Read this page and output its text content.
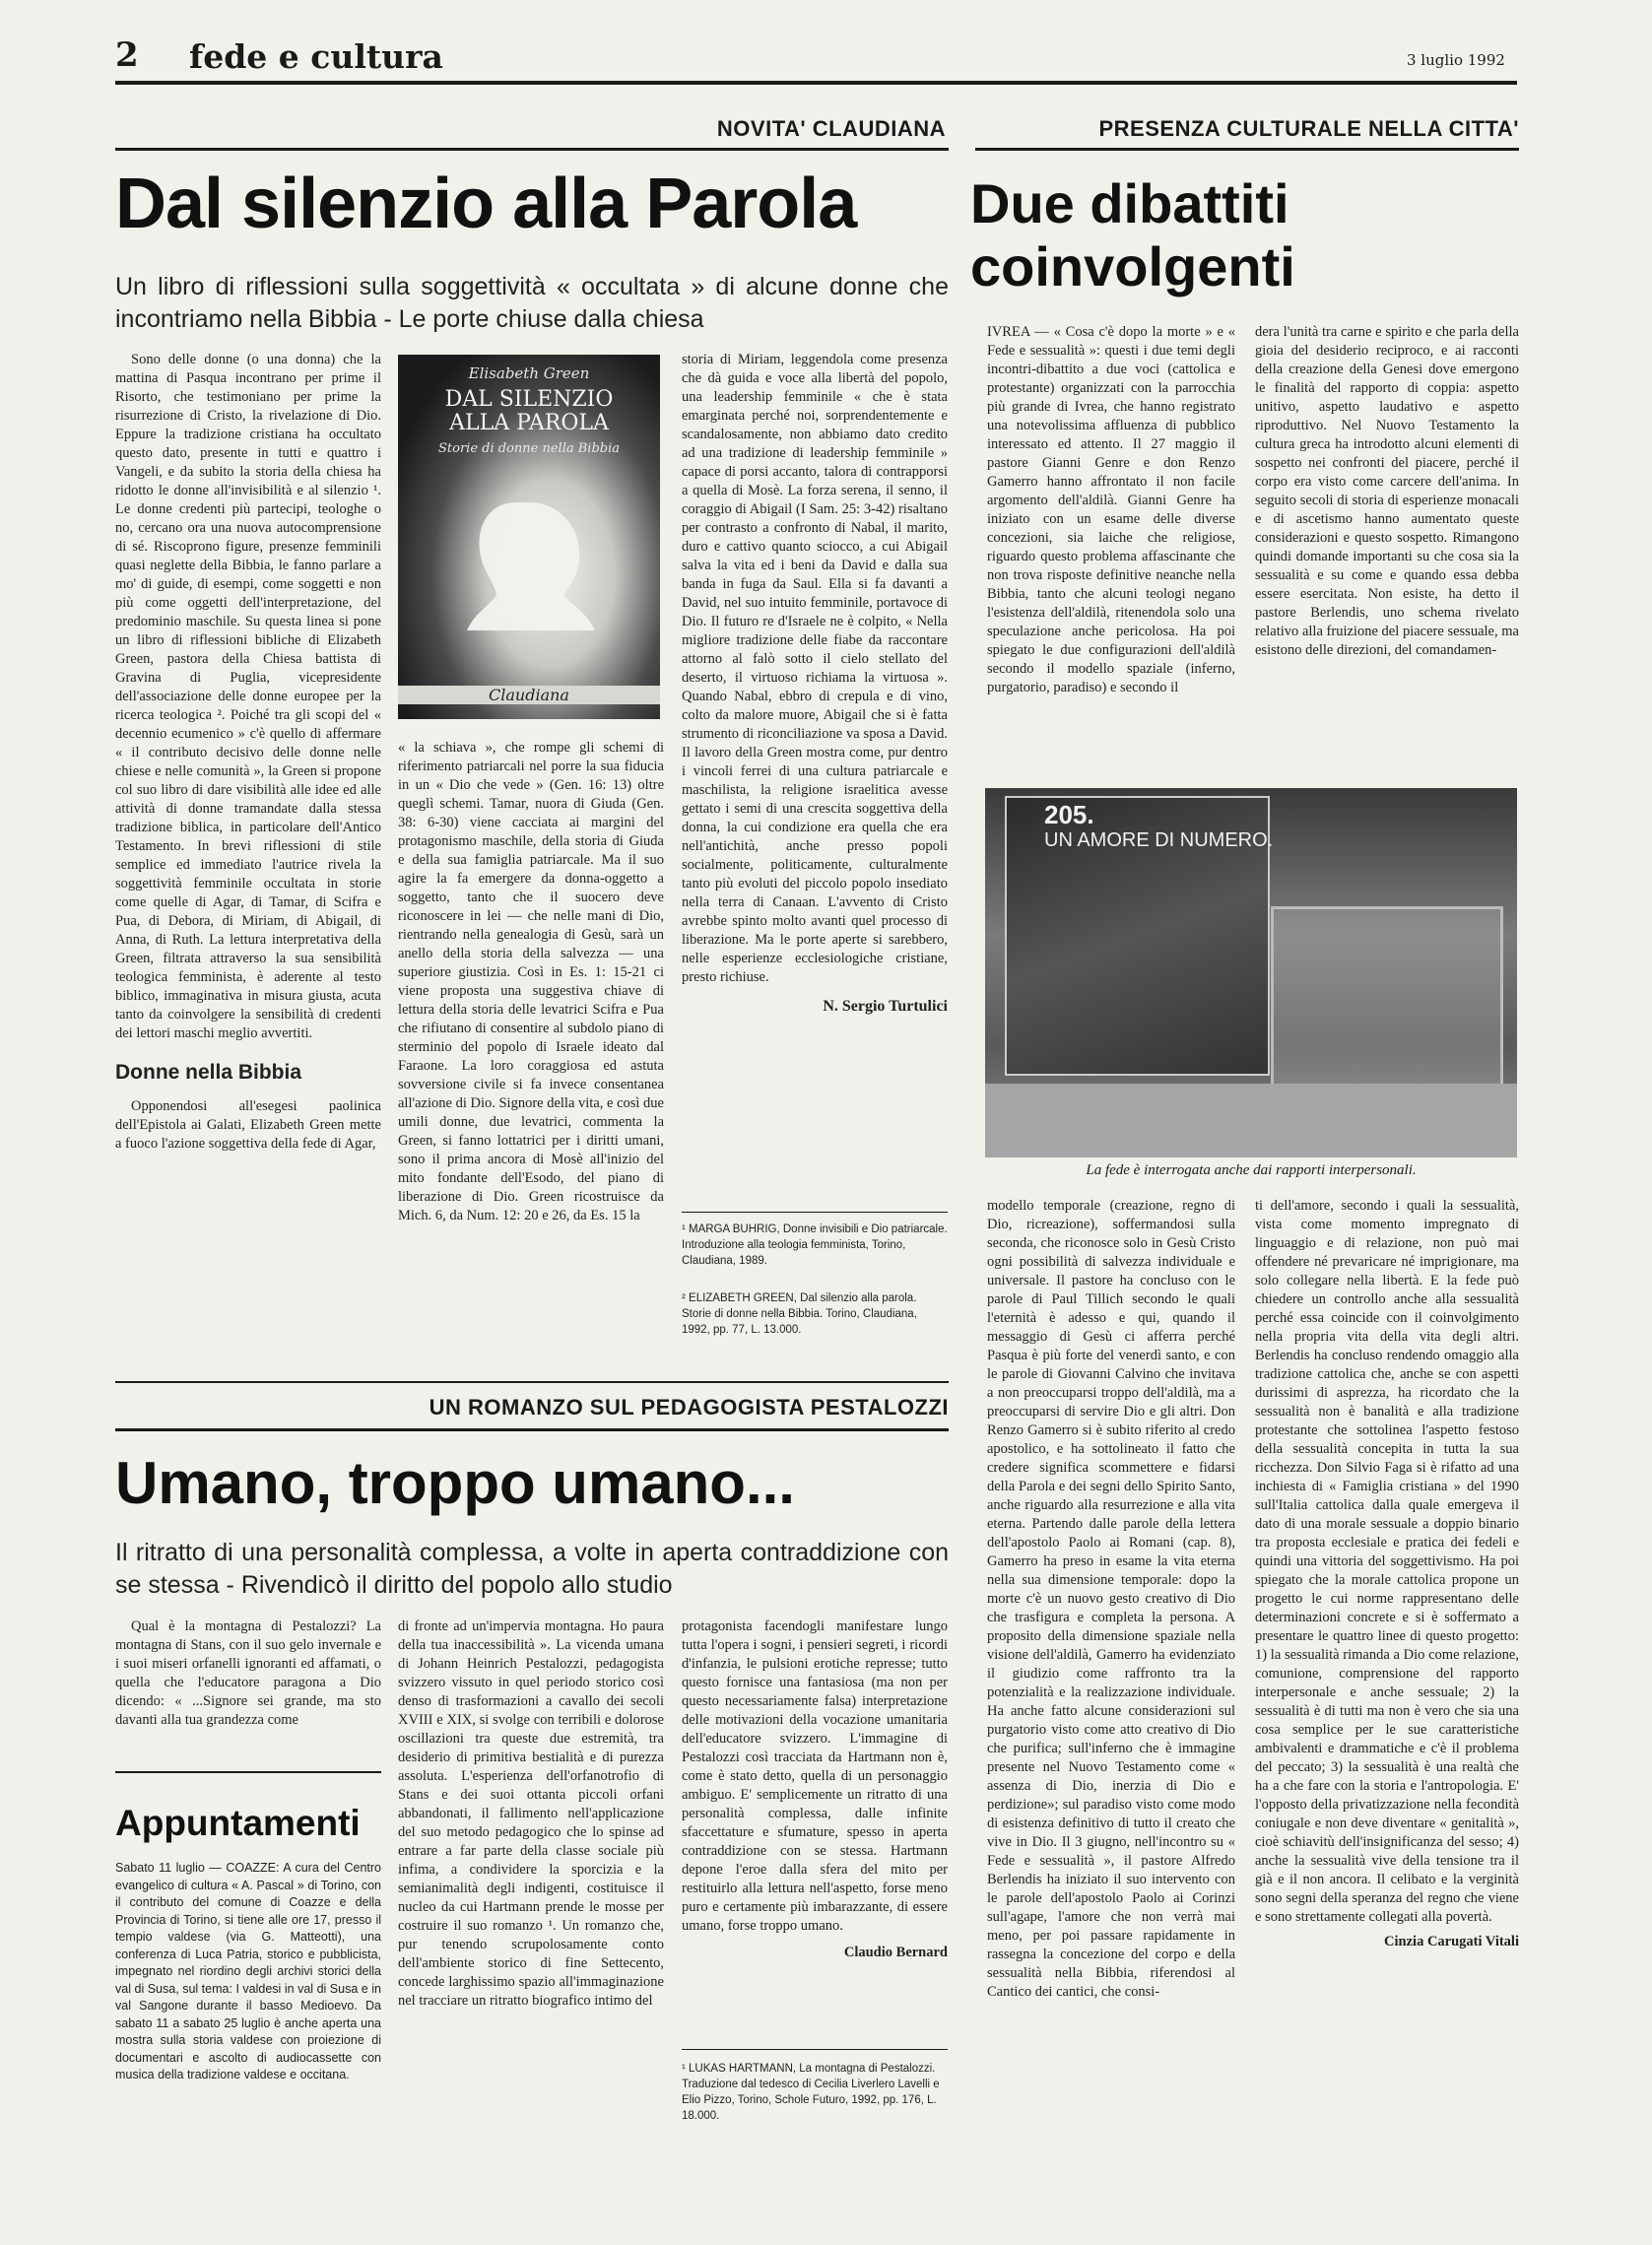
2 fede e cultura	3 luglio 1992
NOVITA' CLAUDIANA
Dal silenzio alla Parola
Un libro di riflessioni sulla soggettività « occultata » di alcune donne che incontriamo nella Bibbia - Le porte chiuse dalla chiesa

Sono delle donne (o una donna) che la mattina di Pasqua incontrano per prime il Risorto, che testimoniano per prime la risurrezione di Cristo, la rivelazione di Dio. Eppure la tradizione cristiana ha occultato questo dato, presente in tutti e quattro i Vangeli, e da subito la storia della chiesa ha ridotto le donne all'invisibilità e al silenzio ¹. Le donne credenti più partecipi, teologhe o no, cercano ora una nuova autocomprensione di sé. Riscoprono figure, presenze femminili quasi neglette della Bibbia, le fanno parlare a mo' di guide, di esempi, come soggetti e non più come oggetti dell'interpretazione, del predominio maschile. Su questa linea si pone un libro di riflessioni bibliche di Elizabeth Green, pastora della Chiesa battista di Gravina di Puglia, vicepresidente dell'associazione delle donne europee per la ricerca teologica ². Poiché tra gli scopi del « decennio ecumenico » c'è quello di affermare « il contributo decisivo delle donne nelle chiese e nelle comunità », la Green si propone col suo libro di dare visibilità alle idee ed alle attività di donne tramandate dalla stessa tradizione biblica, in particolare dell'Antico Testamento. In brevi riflessioni di stile semplice ed immediato l'autrice rivela la soggettività femminile occultata in storie come quelle di Agar, di Tamar, di Scifra e Pua, di Debora, di Miriam, di Abigail, di Anna, di Ruth. La lettura interpretativa della Green, filtrata attraverso la sua sensibilità teologica femminista, è aderente al testo biblico, immaginativa in misura giusta, acuta tanto da coinvolgere la sensibilità di credenti dei lettori maschi meglio avvertiti.

Donne nella Bibbia

Opponendosi all'esegesi paolinica dell'Epistola ai Galati, Elizabeth Green mette a fuoco l'azione soggettiva della fede di Agar,

Elisabeth Green
DAL SILENZIO ALLA PAROLA
Storie di donne nella Bibbia
Claudiana

« la schiava », che rompe gli schemi di riferimento patriarcali nel porre la sua fiducia in un « Dio che vede » (Gen. 16: 13) oltre queglì schemi. Tamar, nuora di Giuda (Gen. 38: 6-30) viene cacciata ai margini del protagonismo maschile, della storia di Giuda e della sua famiglia patriarcale. Ma il suo agire la fa emergere da donna-oggetto a soggetto, tanto che il suocero deve riconoscere in lei — che nelle mani di Dio, rientrando nella genealogia di Gesù, sarà un anello della storia della salvezza — una superiore giustizia. Così in Es. 1: 15-21 ci viene proposta una suggestiva chiave di lettura della storia delle levatrici Scifra e Pua che rifiutano di consentire al subdolo piano di sterminio del popolo di Israele ideato dal Faraone. La loro coraggiosa ed astuta sovversione civile si fa invece consentanea all'azione di Dio. Signore della vita, e così due umili donne, due levatrici, commenta la Green, si fanno lottatrici per i diritti umani, sono il prima ancora di Mosè all'inizio del mito fondante dell'Esodo, del piano di liberazione di Dio. Green ricostruisce da Mich. 6, da Num. 12: 20 e 26, da Es. 15 la

storia di Miriam, leggendola come presenza che dà guida e voce alla libertà del popolo, una leadership femminile « che è stata emarginata perché noi, sorprendentemente e scandalosamente, non abbiamo dato credito ad una tradizione di leadership femminile » capace di porsi accanto, talora di contrapporsi a quella di Mosè. La forza serena, il senno, il coraggio di Abigail (I Sam. 25: 3-42) risaltano per contrasto a confronto di Nabal, il marito, duro e cattivo quanto sciocco, a cui Abigail salva la vita ed i beni da David e dalla sua banda in fuga da Saul. Ella si fa davanti a David, nel suo intuito femminile, portavoce di Dio. Il futuro re d'Israele ne è colpito, « Nella migliore tradizione delle fiabe da raccontare attorno al falò sotto il cielo stellato del deserto, il virtuoso richiama la virtuosa ». Quando Nabal, ebbro di crepula e di vino, colto da malore muore, Abigail che si è fatta strumento di riconciliazione va sposa a David. Il lavoro della Green mostra come, pur dentro i vincoli ferrei di una cultura patriarcale e maschilista, la religione israelitica avesse gettato i semi di una crescita soggettiva della donna, la cui condizione era quella che era nell'antichità, anche presso popoli socialmente, politicamente, culturalmente tanto più evoluti del piccolo popolo insediato nella terra di Canaan. L'avvento di Cristo avrebbe spinto molto avanti quel processo di liberazione. Ma le porte aperte si sarebbero, nelle esperienze ecclesiologiche cristiane, presto richiuse.

N. Sergio Turtulici

¹ MARGA BUHRIG, Donne invisibili e Dio patriarcale. Introduzione alla teologia femminista, Torino, Claudiana, 1989.
² ELIZABETH GREEN, Dal silenzio alla parola. Storie di donne nella Bibbia. Torino, Claudiana, 1992, pp. 77, L. 13.000.
PRESENZA CULTURALE NELLA CITTA'
Due dibattiti
coinvolgenti

IVREA — « Cosa c'è dopo la morte » e « Fede e sessualità »: questi i due temi degli incontri-dibattito a due voci (cattolica e protestante) organizzati con la parrocchia più grande di Ivrea, che hanno registrato una notevolissima affluenza di pubblico interessato ed attento. Il 27 maggio il pastore Gianni Genre e don Renzo Gamerro hanno affrontato il non facile argomento dell'aldilà. Gianni Genre ha iniziato con un esame delle diverse concezioni, sia laiche che religiose, riguardo questo problema affascinante che non trova risposte definitive neanche nella Bibbia, tanto che alcuni teologi negano l'esistenza dell'aldilà, ritenendola solo una speculazione anche pericolosa. Ha poi spiegato le due configurazioni dell'aldilà secondo il modello spaziale (inferno, purgatorio, paradiso) e secondo il

dera l'unità tra carne e spirito e che parla della gioia del desiderio reciproco, e ai racconti della creazione della Genesi dove emergono le finalità del rapporto di coppia: aspetto unitivo, aspetto laudativo e aspetto riproduttivo. Nel Nuovo Testamento la cultura greca ha introdotto alcuni elementi di sospetto nei confronti del piacere, perché il corpo era visto come carcere dell'anima. In seguito secoli di storia di esperienze monacali e di ascetismo hanno aumentato queste considerazioni e questo sospetto. Rimangono quindi domande importanti su che cosa sia la sessualità e su come e quando essa debba essere esercitata. Non esiste, ha detto il pastore Berlendis, uno schema rivelato relativo alla fruizione del piacere sessuale, ma esistono delle direzioni, del comandamen-

205.
UN AMORE DI NUMERO.
La fede è interrogata anche dai rapporti interpersonali.

modello temporale (creazione, regno di Dio, ricreazione), soffermandosi sulla seconda, che riconosce solo in Gesù Cristo ogni possibilità di salvezza individuale e universale. Il pastore ha concluso con le parole di Paul Tillich secondo le quali l'eternità è adesso e qui, quando il messaggio di Gesù ci afferra perché Pasqua è più forte del venerdì santo, e con le parole di Giovanni Calvino che invitava a non preoccuparsi troppo dell'aldilà, ma a preoccuparsi di servire Dio e gli altri. Don Renzo Gamerro si è subito riferito al credo apostolico, e ha sottolineato il fatto che credere significa scommettere e fidarsi della Parola e dei segni dello Spirito Santo, anche riguardo alla resurrezione e alla vita eterna. Partendo dalle parole della lettera dell'apostolo Paolo ai Romani (cap. 8), Gamerro ha preso in esame la vita eterna nella sua dimensione temporale: dopo la morte c'è un nuovo gesto creativo di Dio che trasfigura e completa la persona. A proposito della dimensione spaziale nella visione dell'aldilà, Gamerro ha evidenziato il giudizio come raffronto tra la potenzialità e la realizzazione individuale. Ha anche fatto alcune considerazioni sul purgatorio visto come atto creativo di Dio che purifica; sull'inferno che è immagine presente nel Nuovo Testamento come « assenza di Dio, inerzia di Dio e perdizione»; sul paradiso visto come modo di esistenza definitivo di tutto il creato che vive in Dio. Il 3 giugno, nell'incontro su « Fede e sessualità », il pastore Alfredo Berlendis ha iniziato il suo intervento con le parole dell'apostolo Paolo ai Corinzi sull'agape, l'amore che non verrà mai meno, per poi passare rapidamente in rassegna la concezione del corpo e della sessualità nella Bibbia, riferendosi al Cantico dei cantici, che consi-

ti dell'amore, secondo i quali la sessualità, vista come momento impregnato di linguaggio e di relazione, non può mai offendere né prevaricare né imprigionare, ma solo collegare nella libertà. E la fede può chiedere un controllo anche alla sessualità perché essa coincide con il coinvolgimento nella propria vita della vita degli altri. Berlendis ha concluso rendendo omaggio alla tradizione cattolica che, anche se con aspetti durissimi di asprezza, ha ricordato che la sessualità non è banalità e alla tradizione protestante che sottolinea l'aspetto festoso della sessualità concepita in tutta la sua ricchezza. Don Silvio Faga si è rifatto ad una inchiesta di « Famiglia cristiana » del 1990 sull'Italia cattolica dalla quale emergeva il dato di una morale sessuale a doppio binario tra proposta ecclesiale e pratica dei fedeli e quindi una vittoria del soggettivismo. Ha poi spiegato che la morale cattolica propone un progetto le cui norme rappresentano delle determinazioni concrete e si è soffermato a presentare le quattro linee di questo progetto: 1) la sessualità rimanda a Dio come relazione, comunione, comprensione del rapporto interpersonale e anche sessuale; 2) la sessualità è di tutti ma non è vero che sia una cosa semplice per le sue caratteristiche ambivalenti e drammatiche e c'è il problema del peccato; 3) la sessualità è una realtà che ha a che fare con la storia e l'antropologia. E' l'opposto della privatizzazione nella fecondità coniugale e non deve diventare « genitalità », cioè schiavitù dell'insignificanza del sesso; 4) anche la sessualità vive della tensione tra il già e il non ancora. Il celibato e la verginità sono segni della speranza del regno che viene e sono strettamente collegati alla povertà.

Cinzia Carugati Vitali

UN ROMANZO SUL PEDAGOGISTA PESTALOZZI
Umano, troppo umano...
Il ritratto di una personalità complessa, a volte in aperta contraddizione con se stessa - Rivendicò il diritto del popolo allo studio

Qual è la montagna di Pestalozzi? La montagna di Stans, con il suo gelo invernale e i suoi miseri orfanelli ignoranti ed affamati, o quella che l'educatore paragona a Dio dicendo: « ...Signore sei grande, ma sto davanti alla tua grandezza come

Appuntamenti
Sabato 11 luglio — COAZZE: A cura del Centro evangelico di cultura « A. Pascal » di Torino, con il contributo del comune di Coazze e della Provincia di Torino, si tiene alle ore 17, presso il tempio valdese (via G. Matteotti), una conferenza di Luca Patria, storico e pubblicista, impegnato nel riordino degli archivi storici della val di Susa, sul tema: I valdesi in val di Susa e in val Sangone durante il basso Medioevo. Da sabato 11 a sabato 25 luglio è anche aperta una mostra sulla storia valdese con proiezione di documentari e ascolto di audiocassette con musica della tradizione valdese e occitana.

di fronte ad un'impervia montagna. Ho paura della tua inaccessibilità ». La vicenda umana di Johann Heinrich Pestalozzi, pedagogista svizzero vissuto in quel periodo storico così denso di trasformazioni a cavallo dei secoli XVIII e XIX, si svolge con terribili e dolorose oscillazioni tra queste due estremità, tra desiderio di primitiva bestialità e di purezza assoluta. L'esperienza dell'orfanotrofio di Stans e dei suoi ottanta piccoli orfani abbandonati, il fallimento nell'applicazione del suo metodo pedagogico che lo spinse ad entrare a far parte della classe sociale più infima, a condividere la sporcizia e la semianimalità degli indigenti, costituisce il nucleo da cui Hartmann prende le mosse per costruire il suo romanzo ¹. Un romanzo che, pur tenendo scrupolosamente conto dell'ambiente storico di fine Settecento, concede larghissimo spazio all'immaginazione nel tracciare un ritratto biografico intimo del

protagonista facendogli manifestare lungo tutta l'opera i sogni, i pensieri segreti, i ricordi d'infanzia, le pulsioni erotiche represse; tutto questo fornisce una fantasiosa (ma non per questo necessariamente falsa) interpretazione delle motivazioni della vocazione umanitaria dell'educatore svizzero. L'immagine di Pestalozzi così tracciata da Hartmann non è, come è stato detto, quella di un personaggio ambiguo. E' semplicemente un ritratto di una personalità complessa, dalle infinite sfaccettature e sfumature, spesso in aperta contraddizione con se stessa. Hartmann depone l'eroe dalla sfera del mito per restituirlo alla lettura nell'aspetto, forse meno puro e certamente più imbarazzante, di essere umano, forse troppo umano.

Claudio Bernard

¹ LUKAS HARTMANN, La montagna di Pestalozzi. Traduzione dal tedesco di Cecilia Liverlero Lavelli e Elio Pizzo, Torino, Schole Futuro, 1992, pp. 176, L. 18.000.
